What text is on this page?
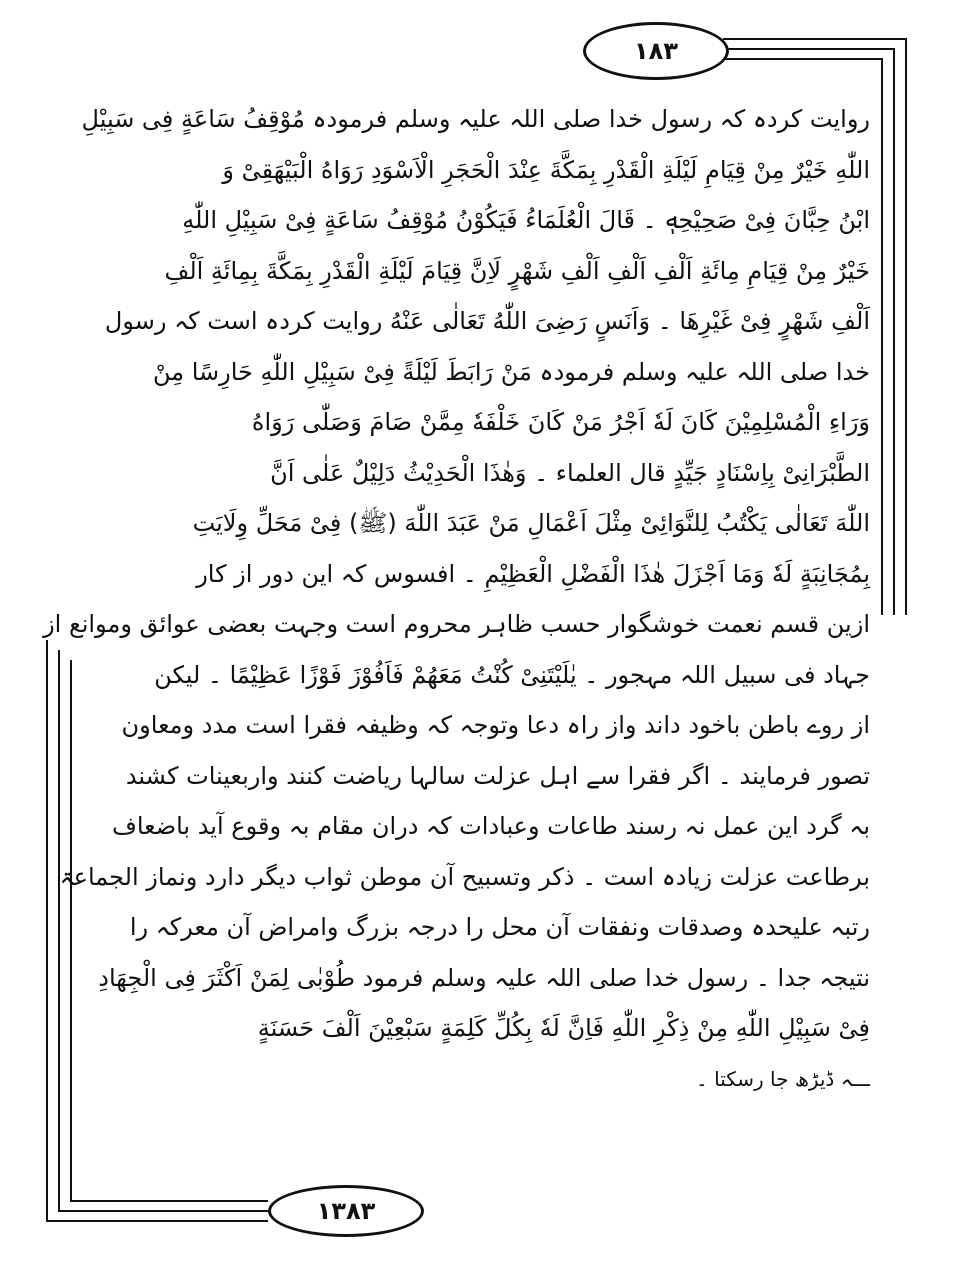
۱۸۳
روایت کردہ کہ رسول خدا صلی اللہ علیہ وسلم فرمودہ مُوْقِفُ سَاعَةٍ فِی سَبِیْلِ
اللّٰهِ خَیْرٌ مِنْ قِیَامِ لَیْلَةِ الْقَدْرِ بِمَکَّةَ عِنْدَ الْحَجَرِ الْاَسْوَدِ رَوَاهُ الْبَیْهَقِیْ وَ
ابْنُ حِبَّانَ فِیْ صَحِیْحِهٖ ۔ قَالَ الْعُلَمَاءُ فَیَکُوْنُ مُوْقِفُ سَاعَةٍ فِیْ سَبِیْلِ اللّٰهِ
خَیْرٌ مِنْ قِیَامِ مِائَةِ اَلْفِ اَلْفِ اَلْفِ شَهْرٍ لَاِنَّ قِیَامَ لَیْلَةِ الْقَدْرِ بِمَکَّةَ بِمِائَةِ اَلْفِ
اَلْفِ شَهْرٍ فِیْ غَیْرِهَا ۔ وَاَنَسٍ رَضِیَ اللّٰهُ تَعَالٰی عَنْهُ روایت کردہ است کہ رسول
خدا صلی اللہ علیہ وسلم فرمودہ مَنْ رَابَطَ لَیْلَةً فِیْ سَبِیْلِ اللّٰهِ حَارِسًا مِنْ
وَرَاءِ الْمُسْلِمِیْنَ کَانَ لَهٗ اَجْرُ مَنْ کَانَ خَلْفَهٗ مِمَّنْ صَامَ وَصَلّٰی رَوَاهُ
الطَّبْرَانِیْ بِاِسْنَادٍ جَیِّدٍ قال العلماء ۔ وَهٰذَا الْحَدِیْثُ دَلِیْلٌ عَلٰی اَنَّ
اللّٰهَ تَعَالٰی یَکْتُبُ لِلنَّوَائِیْ مِثْلَ اَعْمَالِ مَنْ عَبَدَ اللّٰهَ (ﷺ) فِیْ مَحَلِّ وِلَایَتِ
بِمُجَانِبَةٍ لَهٗ وَمَا اَجْزَلَ هٰذَا الْفَضْلِ الْعَظِیْمِ ۔ افسوس کہ این دور از کار
ازین قسم نعمت خوشگوار حسب ظاہر محروم است وجہت بعضی عوائق وموانع از
جہاد فی سبیل اللہ مہجور ۔ یٰلَیْتَنِیْ کُنْتُ مَعَهُمْ فَاَفُوْزَ فَوْزًا عَظِیْمًا ۔ لیکن
از روے باطن باخود داند واز راہ دعا وتوجہ کہ وظیفہ فقرا است مدد ومعاون
تصور فرمایند ۔ اگر فقرا سے اہل عزلت سالہا ریاضت کنند واربعینات کشند
بہ گرد این عمل نہ رسند طاعات وعبادات کہ دران مقام بہ وقوع آید باضعاف
برطاعت عزلت زیادہ است ۔ ذکر وتسبیح آن موطن ثواب دیگر دارد ونماز الجماعۃ
رتبہ علیحدہ وصدقات ونفقات آن محل را درجہ بزرگ وامراض آن معرکہ را
نتیجہ جدا ۔ رسول خدا صلی اللہ علیہ وسلم فرمود طُوْبٰی لِمَنْ اَکْثَرَ فِی الْجِهَادِ
فِیْ سَبِیْلِ اللّٰهِ مِنْ ذِکْرِ اللّٰهِ فَاِنَّ لَهٗ بِکُلِّ کَلِمَةٍ سَبْعِیْنَ اَلْفَ حَسَنَةٍ
ـــہ ڈیڑھ جا رسکتا ۔
۱۳۸۳
